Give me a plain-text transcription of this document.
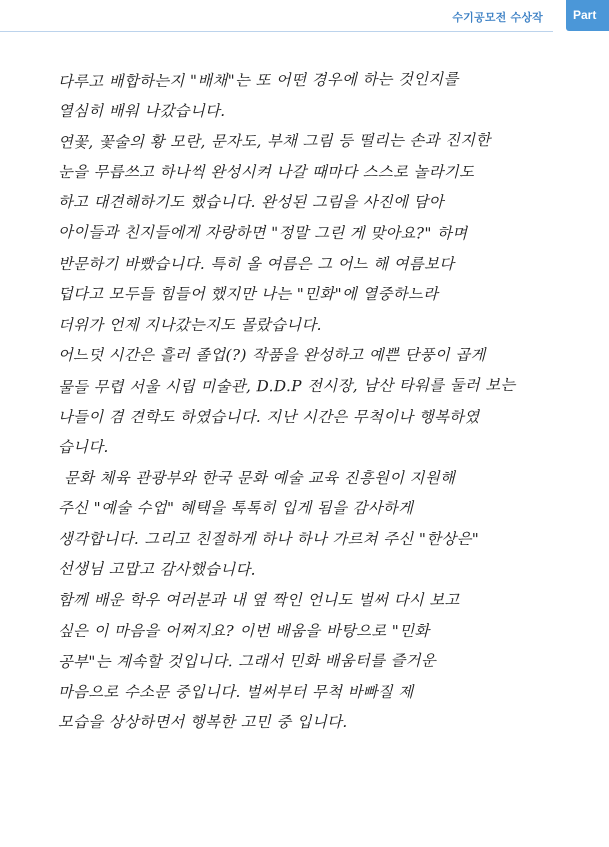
수기공모전 수상작	Part
다루고 배합하는지 "배채"는 또 어떤 경우에 하는 것인지를
열심히 배워 나갔습니다.
연꽃, 꽃술의 황 모란, 문자도, 부채 그림 등 떨리는 손과 진지한
눈을 무릅쓰고 하나씩 완성시켜 나갈 때마다 스스로 놀라기도
하고 대견해하기도 했습니다. 완성된 그림을 사진에 담아
아이들과 친지들에게 자랑하면 "정말 그린 게 맞아요?" 하며
반문하기 바빴습니다. 특히 올 여름은 그 어느 해 여름보다
덥다고 모두들 힘들어 했지만 나는 "민화"에 열중하느라
더위가 언제 지나갔는지도 몰랐습니다.
어느덧 시간은 흘러 졸업(?) 작품을 완성하고 예쁜 단풍이 곱게
물들 무렵 서울 시립 미술관, D.D.P 전시장, 남산 타워를 둘러 보는
나들이 겸 견학도 하였습니다. 지난 시간은 무척이나 행복하였
습니다.
문화 체육 관광부와 한국 문화 예술 교육 진흥원이 지원해
주신 "예술 수업" 혜택을 톡톡히 입게 됨을 감사하게
생각합니다. 그리고 친절하게 하나 하나 가르쳐 주신 "한상은"
선생님 고맙고 감사했습니다.
함께 배운 학우 여러분과 내 옆 짝인 언니도 벌써 다시 보고
싶은 이 마음을 어쩌지요? 이번 배움을 바탕으로 "민화
공부"는 계속할 것입니다. 그래서 민화 배움터를 즐거운
마음으로 수소문 중입니다. 벌써부터 무척 바빠질 제
모습을 상상하면서 행복한 고민 중 입니다.
